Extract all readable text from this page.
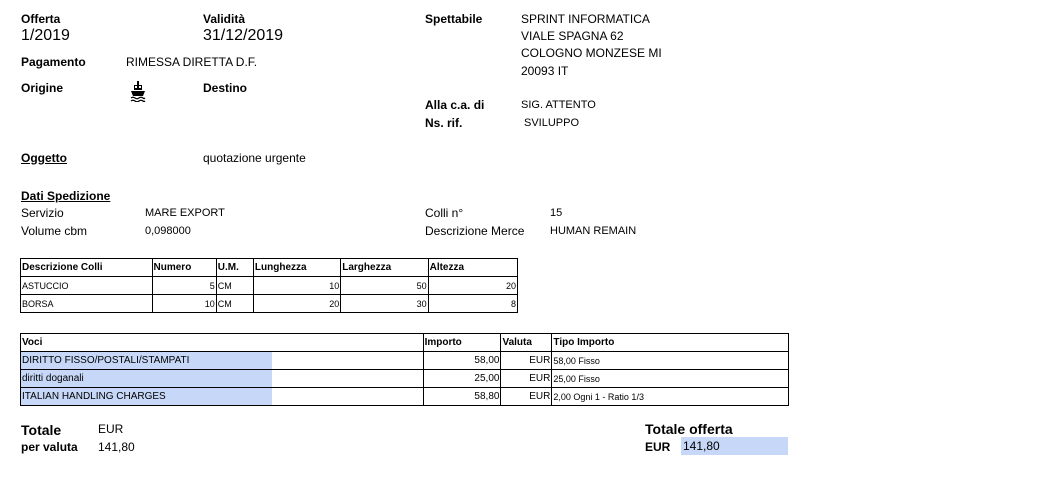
Offerta
1/2019
Validità
31/12/2019
Spettabile	SPRINT INFORMATICA
VIALE SPAGNA 62
COLOGNO MONZESE MI
20093 IT
Pagamento	RIMESSA DIRETTA D.F.
Origine	Destino
Alla c.a. di	SIG. ATTENTO
Ns. rif.	SVILUPPO
Oggetto	quotazione urgente
Dati Spedizione
Servizio	MARE EXPORT
Volume cbm	0,098000
Colli n°	15
Descrizione Merce HUMAN REMAIN
Descrizione Colli	Numero	U.M.	Lunghezza	Larghezza	Altezza
ASTUCCIO	5	CM	10	50	20
BORSA	10	CM	20	30	8
Voci	Importo	Valuta	Tipo Importo
DIRITTO FISSO/POSTALI/STAMPATI	58,00	EUR	58,00 Fisso
diritti doganali	25,00	EUR	25,00 Fisso
ITALIAN HANDLING CHARGES	58,80	EUR	2,00 Ogni 1 - Ratio 1/3
Totale	EUR
per valuta 141,80
Totale offerta
EUR 141,80
